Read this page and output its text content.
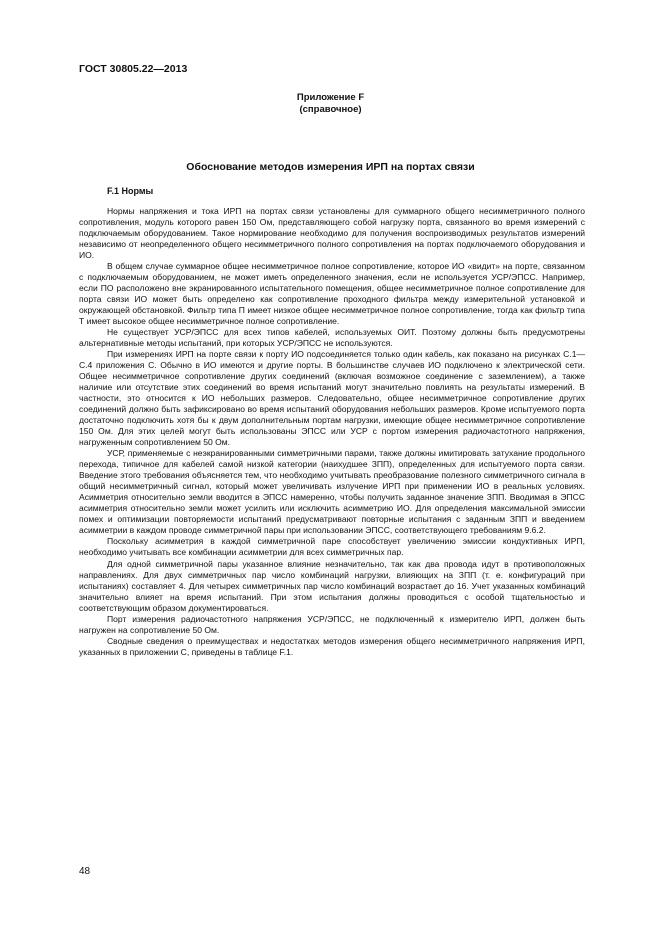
ГОСТ 30805.22—2013
Приложение F
(справочное)
Обоснование методов измерения ИРП на портах связи
F.1 Нормы

Нормы напряжения и тока ИРП на портах связи установлены для суммарного общего несимметричного полного сопротивления, модуль которого равен 150 Ом, представляющего собой нагрузку порта, связанного во время измерений с подключаемым оборудованием. Такое нормирование необходимо для получения воспроизводимых результатов измерений независимо от неопределенного общего несимметричного полного сопротивления на портах подключаемого оборудования и ИО.

В общем случае суммарное общее несимметричное полное сопротивление, которое ИО «видит» на порте, связанном с подключаемым оборудованием, не может иметь определенного значения, если не используется УСР/ЭПСС. Например, если ПО расположено вне экранированного испытательного помещения, общее несимметричное полное сопротивление для порта связи ИО может быть определено как сопротивление проходного фильтра между измерительной установкой и окружающей обстановкой. Фильтр типа П имеет низкое общее несимметричное полное сопротивление, тогда как фильтр типа Т имеет высокое общее несимметричное полное сопротивление.

Не существует УСР/ЭПСС для всех типов кабелей, используемых ОИТ. Поэтому должны быть предусмотрены альтернативные методы испытаний, при которых УСР/ЭПСС не используются.

При измерениях ИРП на порте связи к порту ИО подсоединяется только один кабель, как показано на рисунках С.1—С.4 приложения С. Обычно в ИО имеются и другие порты. В большинстве случаев ИО подключено к электрической сети. Общее несимметричное сопротивление других соединений (включая возможное соединение с заземлением), а также наличие или отсутствие этих соединений во время испытаний могут значительно повлиять на результаты измерений. В частности, это относится к ИО небольших размеров. Следовательно, общее несимметричное сопротивление других соединений должно быть зафиксировано во время испытаний оборудования небольших размеров. Кроме испытуемого порта достаточно подключить хотя бы к двум дополнительным портам нагрузки, имеющие общее несимметричное сопротивление 150 Ом. Для этих целей могут быть использованы ЭПСС или УСР с портом измерения радиочастотного напряжения, нагруженным сопротивлением 50 Ом.

УСР, применяемые с неэкранированными симметричными парами, также должны имитировать затухание продольного перехода, типичное для кабелей самой низкой категории (наихудшее ЗПП), определенных для испытуемого порта связи. Введение этого требования объясняется тем, что необходимо учитывать преобразование полезного симметричного сигнала в общий несимметричный сигнал, который может увеличивать излучение ИРП при применении ИО в реальных условиях. Асимметрия относительно земли вводится в ЭПСС намеренно, чтобы получить заданное значение ЗПП. Вводимая в ЭПСС асимметрия относительно земли может усилить или исключить асимметрию ИО. Для определения максимальной эмиссии помех и оптимизации повторяемости испытаний предусматривают повторные испытания с заданным ЗПП и введением асимметрии в каждом проводе симметричной пары при использовании ЭПСС, соответствующего требованиям 9.6.2.

Поскольку асимметрия в каждой симметричной паре способствует увеличению эмиссии кондуктивных ИРП, необходимо учитывать все комбинации асимметрии для всех симметричных пар.

Для одной симметричной пары указанное влияние незначительно, так как два провода идут в противоположных направлениях. Для двух симметричных пар число комбинаций нагрузки, влияющих на ЗПП (т. е. конфигураций при испытаниях) составляет 4. Для четырех симметричных пар число комбинаций возрастает до 16. Учет указанных комбинаций значительно влияет на время испытаний. При этом испытания должны проводиться с особой тщательностью и соответствующим образом документироваться.

Порт измерения радиочастотного напряжения УСР/ЭПСС, не подключенный к измерителю ИРП, должен быть нагружен на сопротивление 50 Ом.

Сводные сведения о преимуществах и недостатках методов измерения общего несимметричного напряжения ИРП, указанных в приложении С, приведены в таблице F.1.

48
